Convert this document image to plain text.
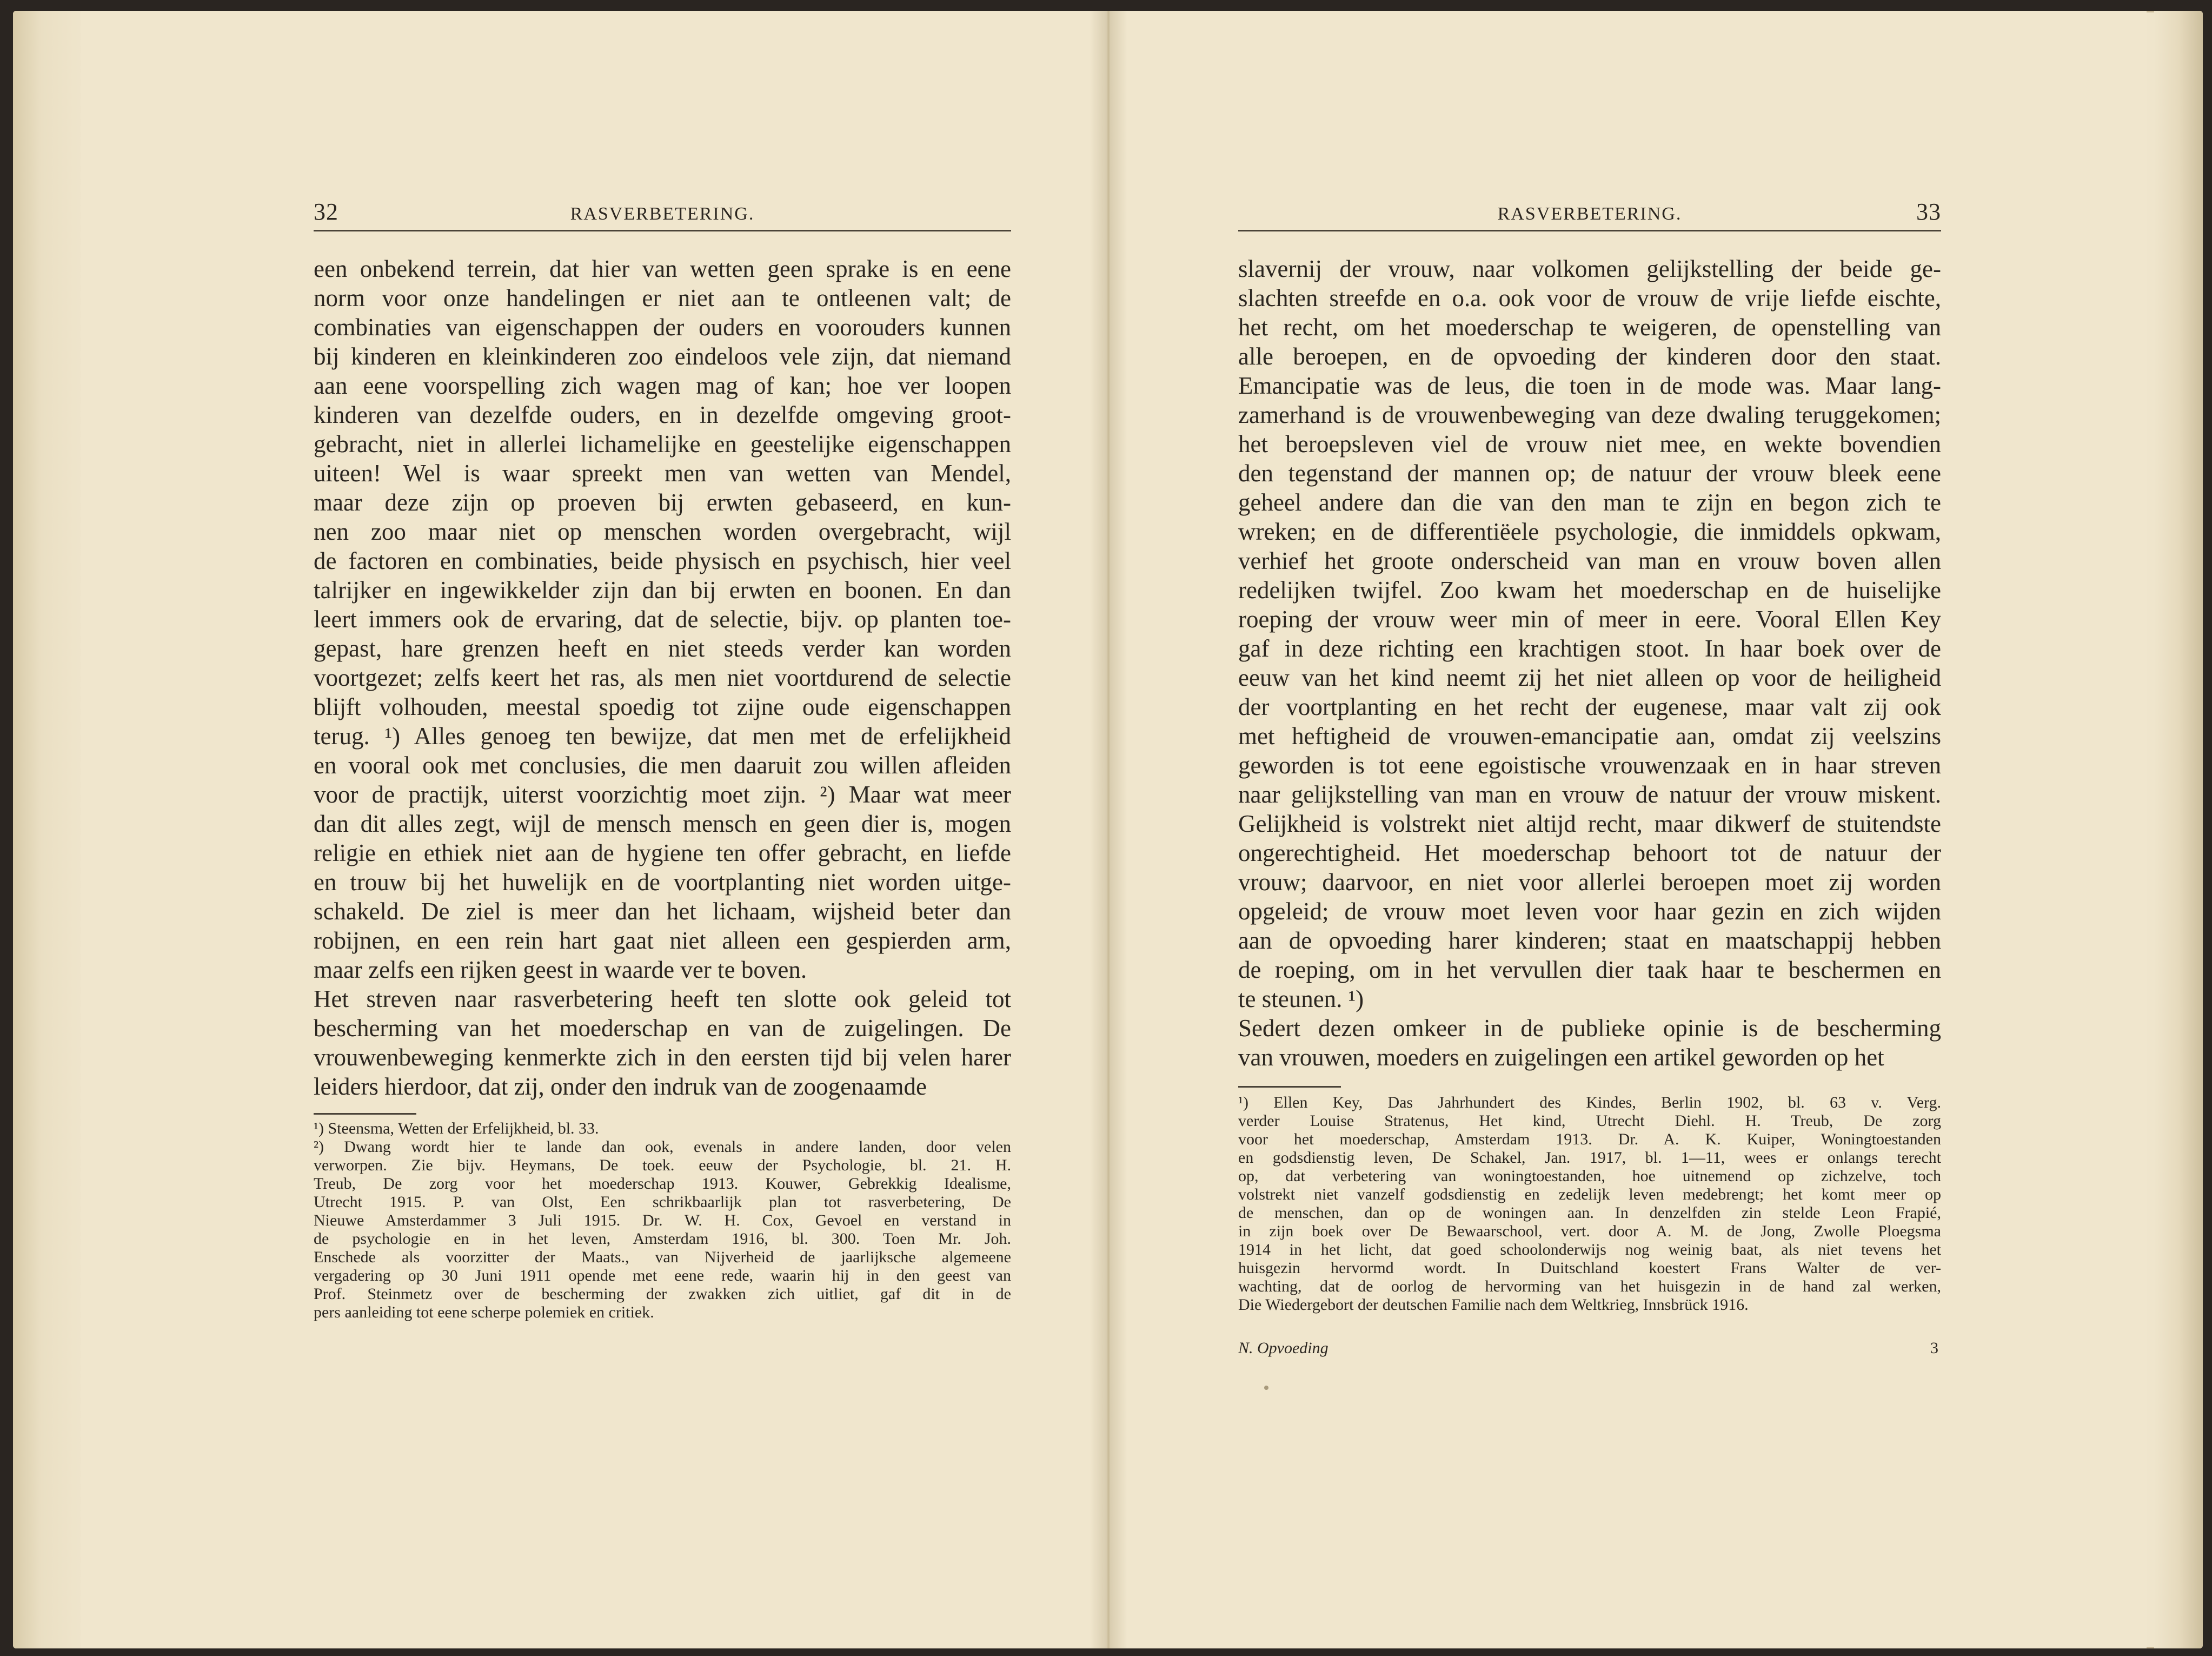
32	RASVERBETERING.
een onbekend terrein, dat hier van wetten geen sprake is en eene
norm voor onze handelingen er niet aan te ontleenen valt; de
combinaties van eigenschappen der ouders en voorouders kunnen
bij kinderen en kleinkinderen zoo eindeloos vele zijn, dat niemand
aan eene voorspelling zich wagen mag of kan; hoe ver loopen
kinderen van dezelfde ouders, en in dezelfde omgeving groot-
gebracht, niet in allerlei lichamelijke en geestelijke eigenschappen
uiteen! Wel is waar spreekt men van wetten van Mendel,
maar deze zijn op proeven bij erwten gebaseerd, en kun-
nen zoo maar niet op menschen worden overgebracht, wijl
de factoren en combinaties, beide physisch en psychisch, hier veel
talrijker en ingewikkelder zijn dan bij erwten en boonen. En dan
leert immers ook de ervaring, dat de selectie, bijv. op planten toe-
gepast, hare grenzen heeft en niet steeds verder kan worden
voortgezet; zelfs keert het ras, als men niet voortdurend de selectie
blijft volhouden, meestal spoedig tot zijne oude eigenschappen
terug. ¹) Alles genoeg ten bewijze, dat men met de erfelijkheid
en vooral ook met conclusies, die men daaruit zou willen afleiden
voor de practijk, uiterst voorzichtig moet zijn. ²) Maar wat meer
dan dit alles zegt, wijl de mensch mensch en geen dier is, mogen
religie en ethiek niet aan de hygiene ten offer gebracht, en liefde
en trouw bij het huwelijk en de voortplanting niet worden uitge-
schakeld. De ziel is meer dan het lichaam, wijsheid beter dan
robijnen, en een rein hart gaat niet alleen een gespierden arm,
maar zelfs een rijken geest in waarde ver te boven.
Het streven naar rasverbetering heeft ten slotte ook geleid tot
bescherming van het moederschap en van de zuigelingen. De
vrouwenbeweging kenmerkte zich in den eersten tijd bij velen harer
leiders hierdoor, dat zij, onder den indruk van de zoogenaamde
¹) Steensma, Wetten der Erfelijkheid, bl. 33.
²) Dwang wordt hier te lande dan ook, evenals in andere landen, door velen
verworpen. Zie bijv. Heymans, De toek. eeuw der Psychologie, bl. 21. H.
Treub, De zorg voor het moederschap 1913. Kouwer, Gebrekkig Idealisme,
Utrecht 1915. P. van Olst, Een schrikbaarlijk plan tot rasverbetering, De
Nieuwe Amsterdammer 3 Juli 1915. Dr. W. H. Cox, Gevoel en verstand in
de psychologie en in het leven, Amsterdam 1916, bl. 300. Toen Mr. Joh.
Enschede als voorzitter der Maats., van Nijverheid de jaarlijksche algemeene
vergadering op 30 Juni 1911 opende met eene rede, waarin hij in den geest van
Prof. Steinmetz over de bescherming der zwakken zich uitliet, gaf dit in de
pers aanleiding tot eene scherpe polemiek en critiek.
RASVERBETERING.	33
slavernij der vrouw, naar volkomen gelijkstelling der beide ge-
slachten streefde en o.a. ook voor de vrouw de vrije liefde eischte,
het recht, om het moederschap te weigeren, de openstelling van
alle beroepen, en de opvoeding der kinderen door den staat.
Emancipatie was de leus, die toen in de mode was. Maar lang-
zamerhand is de vrouwenbeweging van deze dwaling teruggekomen;
het beroepsleven viel de vrouw niet mee, en wekte bovendien
den tegenstand der mannen op; de natuur der vrouw bleek eene
geheel andere dan die van den man te zijn en begon zich te
wreken; en de differentiëele psychologie, die inmiddels opkwam,
verhief het groote onderscheid van man en vrouw boven allen
redelijken twijfel. Zoo kwam het moederschap en de huiselijke
roeping der vrouw weer min of meer in eere. Vooral Ellen Key
gaf in deze richting een krachtigen stoot. In haar boek over de
eeuw van het kind neemt zij het niet alleen op voor de heiligheid
der voortplanting en het recht der eugenese, maar valt zij ook
met heftigheid de vrouwen-emancipatie aan, omdat zij veelszins
geworden is tot eene egoistische vrouwenzaak en in haar streven
naar gelijkstelling van man en vrouw de natuur der vrouw miskent.
Gelijkheid is volstrekt niet altijd recht, maar dikwerf de stuitendste
ongerechtigheid. Het moederschap behoort tot de natuur der
vrouw; daarvoor, en niet voor allerlei beroepen moet zij worden
opgeleid; de vrouw moet leven voor haar gezin en zich wijden
aan de opvoeding harer kinderen; staat en maatschappij hebben
de roeping, om in het vervullen dier taak haar te beschermen en
te steunen. ¹)
Sedert dezen omkeer in de publieke opinie is de bescherming
van vrouwen, moeders en zuigelingen een artikel geworden op het
¹) Ellen Key, Das Jahrhundert des Kindes, Berlin 1902, bl. 63 v. Verg.
verder Louise Stratenus, Het kind, Utrecht Diehl. H. Treub, De zorg
voor het moederschap, Amsterdam 1913. Dr. A. K. Kuiper, Woningtoestanden
en godsdienstig leven, De Schakel, Jan. 1917, bl. 1—11, wees er onlangs terecht
op, dat verbetering van woningtoestanden, hoe uitnemend op zichzelve, toch
volstrekt niet vanzelf godsdienstig en zedelijk leven medebrengt; het komt meer op
de menschen, dan op de woningen aan. In denzelfden zin stelde Leon Frapié,
in zijn boek over De Bewaarschool, vert. door A. M. de Jong, Zwolle Ploegsma
1914 in het licht, dat goed schoolonderwijs nog weinig baat, als niet tevens het
huisgezin hervormd wordt. In Duitschland koestert Frans Walter de ver-
wachting, dat de oorlog de hervorming van het huisgezin in de hand zal werken,
Die Wiedergebort der deutschen Familie nach dem Weltkrieg, Innsbrück 1916.
N. Opvoeding	3
